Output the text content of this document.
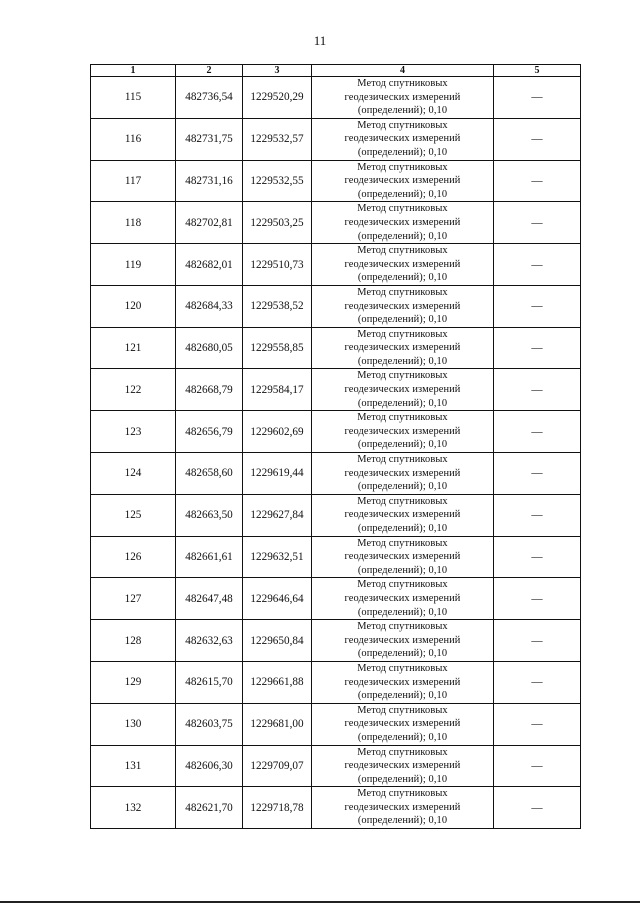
11
1	2	3	4	5
115	482736,54	1229520,29	Метод спутниковых
геодезических измерений
(определений); 0,10	—
116	482731,75	1229532,57	Метод спутниковых
геодезических измерений
(определений); 0,10	—
117	482731,16	1229532,55	Метод спутниковых
геодезических измерений
(определений); 0,10	—
118	482702,81	1229503,25	Метод спутниковых
геодезических измерений
(определений); 0,10	—
119	482682,01	1229510,73	Метод спутниковых
геодезических измерений
(определений); 0,10	—
120	482684,33	1229538,52	Метод спутниковых
геодезических измерений
(определений); 0,10	—
121	482680,05	1229558,85	Метод спутниковых
геодезических измерений
(определений); 0,10	—
122	482668,79	1229584,17	Метод спутниковых
геодезических измерений
(определений); 0,10	—
123	482656,79	1229602,69	Метод спутниковых
геодезических измерений
(определений); 0,10	—
124	482658,60	1229619,44	Метод спутниковых
геодезических измерений
(определений); 0,10	—
125	482663,50	1229627,84	Метод спутниковых
геодезических измерений
(определений); 0,10	—
126	482661,61	1229632,51	Метод спутниковых
геодезических измерений
(определений); 0,10	—
127	482647,48	1229646,64	Метод спутниковых
геодезических измерений
(определений); 0,10	—
128	482632,63	1229650,84	Метод спутниковых
геодезических измерений
(определений); 0,10	—
129	482615,70	1229661,88	Метод спутниковых
геодезических измерений
(определений); 0,10	—
130	482603,75	1229681,00	Метод спутниковых
геодезических измерений
(определений); 0,10	—
131	482606,30	1229709,07	Метод спутниковых
геодезических измерений
(определений); 0,10	—
132	482621,70	1229718,78	Метод спутниковых
геодезических измерений
(определений); 0,10	—
